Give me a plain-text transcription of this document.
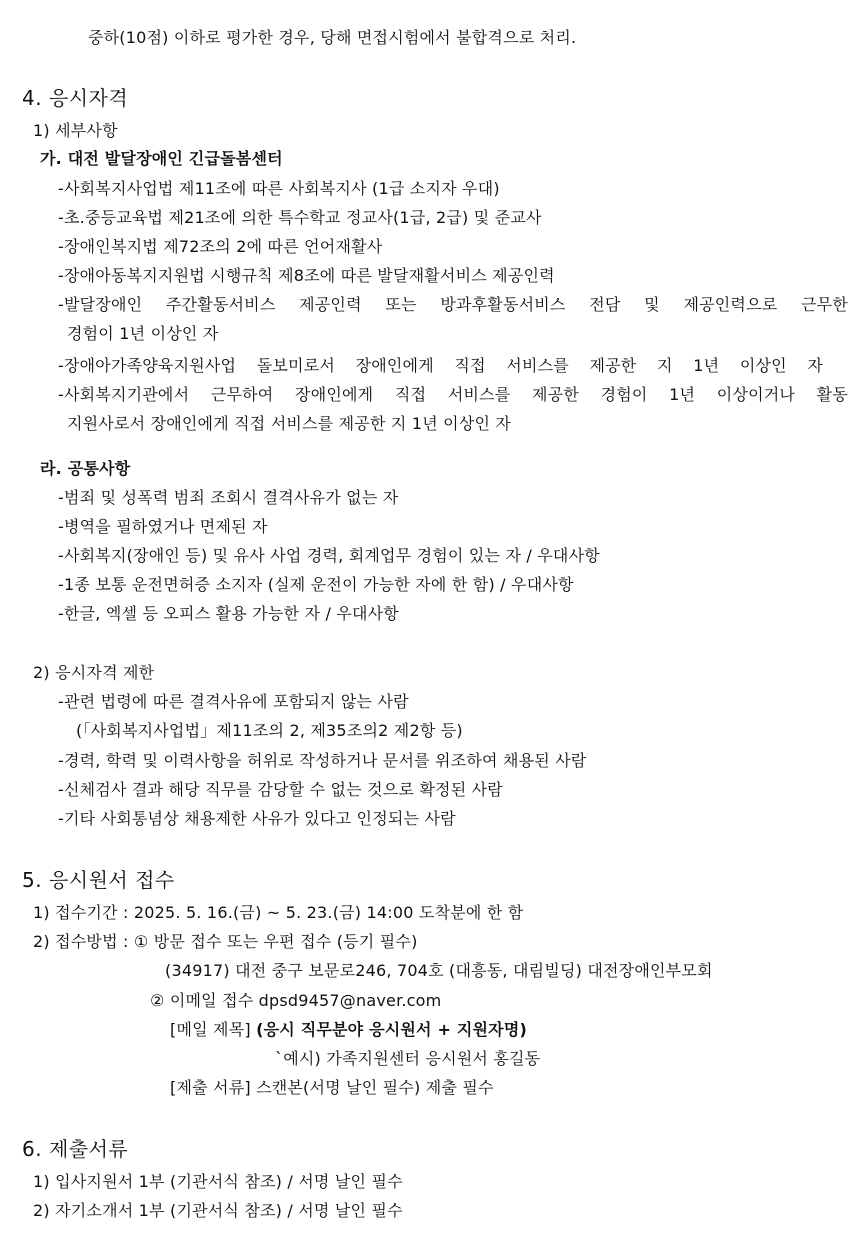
중하(10점) 이하로 평가한 경우, 당해 면접시험에서 불합격으로 처리.
4. 응시자격
1) 세부사항
가. 대전 발달장애인 긴급돌봄센터
-사회복지사업법 제11조에 따른 사회복지사 (1급 소지자 우대)
-초.중등교육법 제21조에 의한 특수학교 정교사(1급, 2급) 및 준교사
-장애인복지법 제72조의 2에 따른 언어재활사
-장애아동복지지원법 시행규칙 제8조에 따른 발달재활서비스 제공인력
-발달장애인 주간활동서비스 제공인력 또는 방과후활동서비스 전담 및 제공인력으로 근무한
경험이 1년 이상인 자
-장애아가족양육지원사업 돌보미로서 장애인에게 직접 서비스를 제공한 지 1년 이상인 자
-사회복지기관에서 근무하여 장애인에게 직접 서비스를 제공한 경험이 1년 이상이거나 활동
지원사로서 장애인에게 직접 서비스를 제공한 지 1년 이상인 자
라. 공통사항
-범죄 및 성폭력 범죄 조회시 결격사유가 없는 자
-병역을 필하였거나 면제된 자
-사회복지(장애인 등) 및 유사 사업 경력, 회계업무 경험이 있는 자 / 우대사항
-1종 보통 운전면허증 소지자 (실제 운전이 가능한 자에 한 함) / 우대사항
-한글, 엑셀 등 오피스 활용 가능한 자 / 우대사항
2) 응시자격 제한
-관련 법령에 따른 결격사유에 포함되지 않는 사람
(「사회복지사업법」제11조의 2, 제35조의2 제2항 등)
-경력, 학력 및 이력사항을 허위로 작성하거나 문서를 위조하여 채용된 사람
-신체검사 결과 해당 직무를 감당할 수 없는 것으로 확정된 사람
-기타 사회통념상 채용제한 사유가 있다고 인정되는 사람
5. 응시원서 접수
1) 접수기간 : 2025. 5. 16.(금) ~ 5. 23.(금) 14:00 도착분에 한 함
2) 접수방법 : ① 방문 접수 또는 우편 접수 (등기 필수)
(34917) 대전 중구 보문로246, 704호 (대흥동, 대림빌딩) 대전장애인부모회
② 이메일 접수 dpsd9457@naver.com
[메일 제목] (응시 직무분야 응시원서 + 지원자명)
`예시) 가족지원센터 응시원서 홍길동
[제출 서류] 스캔본(서명 날인 필수) 제출 필수
6. 제출서류
1) 입사지원서 1부 (기관서식 참조) / 서명 날인 필수
2) 자기소개서 1부 (기관서식 참조) / 서명 날인 필수
